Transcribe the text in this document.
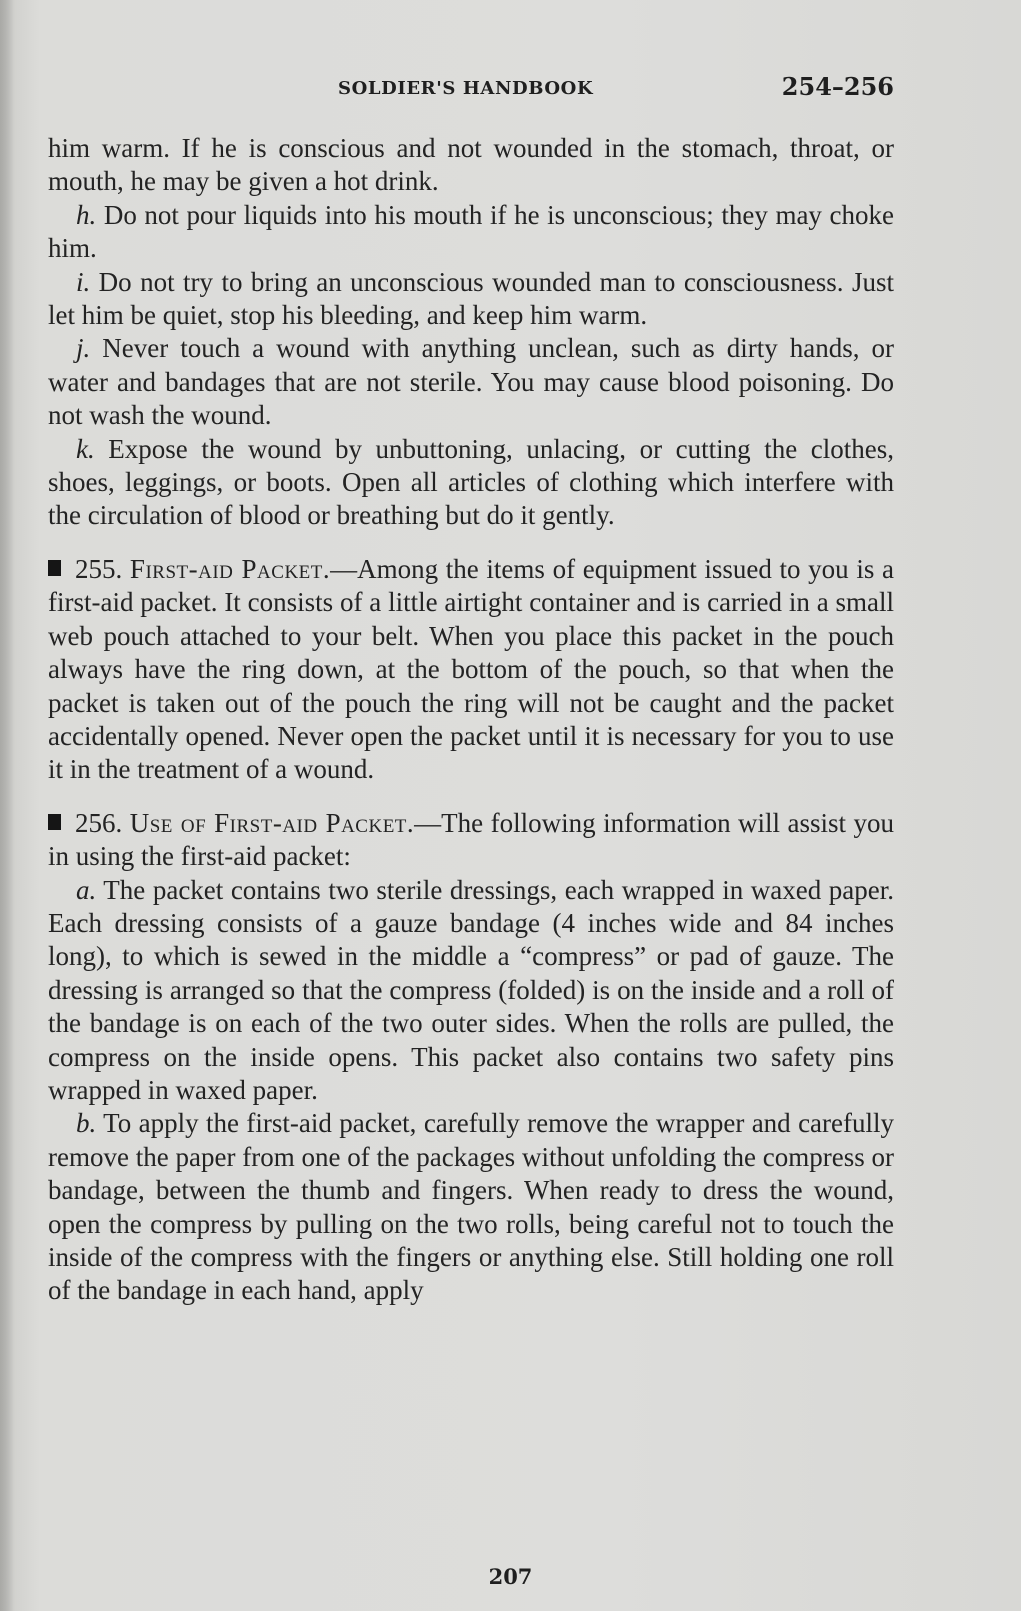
SOLDIER'S HANDBOOK	254–256

him warm. If he is conscious and not wounded in the stomach, throat, or mouth, he may be given a hot drink.

h. Do not pour liquids into his mouth if he is unconscious; they may choke him.

i. Do not try to bring an unconscious wounded man to consciousness. Just let him be quiet, stop his bleeding, and keep him warm.

j. Never touch a wound with anything unclean, such as dirty hands, or water and bandages that are not sterile. You may cause blood poisoning. Do not wash the wound.

k. Expose the wound by unbuttoning, unlacing, or cutting the clothes, shoes, leggings, or boots. Open all articles of clothing which interfere with the circulation of blood or breathing but do it gently.

255. First-aid Packet.—Among the items of equipment issued to you is a first-aid packet. It consists of a little airtight container and is carried in a small web pouch attached to your belt. When you place this packet in the pouch always have the ring down, at the bottom of the pouch, so that when the packet is taken out of the pouch the ring will not be caught and the packet accidentally opened. Never open the packet until it is necessary for you to use it in the treatment of a wound.

256. Use of First-aid Packet.—The following information will assist you in using the first-aid packet:

a. The packet contains two sterile dressings, each wrapped in waxed paper. Each dressing consists of a gauze bandage (4 inches wide and 84 inches long), to which is sewed in the middle a “compress” or pad of gauze. The dressing is arranged so that the compress (folded) is on the inside and a roll of the bandage is on each of the two outer sides. When the rolls are pulled, the compress on the inside opens. This packet also contains two safety pins wrapped in waxed paper.

b. To apply the first-aid packet, carefully remove the wrapper and carefully remove the paper from one of the packages without unfolding the compress or bandage, between the thumb and fingers. When ready to dress the wound, open the compress by pulling on the two rolls, being careful not to touch the inside of the compress with the fingers or anything else. Still holding one roll of the bandage in each hand, apply

207
